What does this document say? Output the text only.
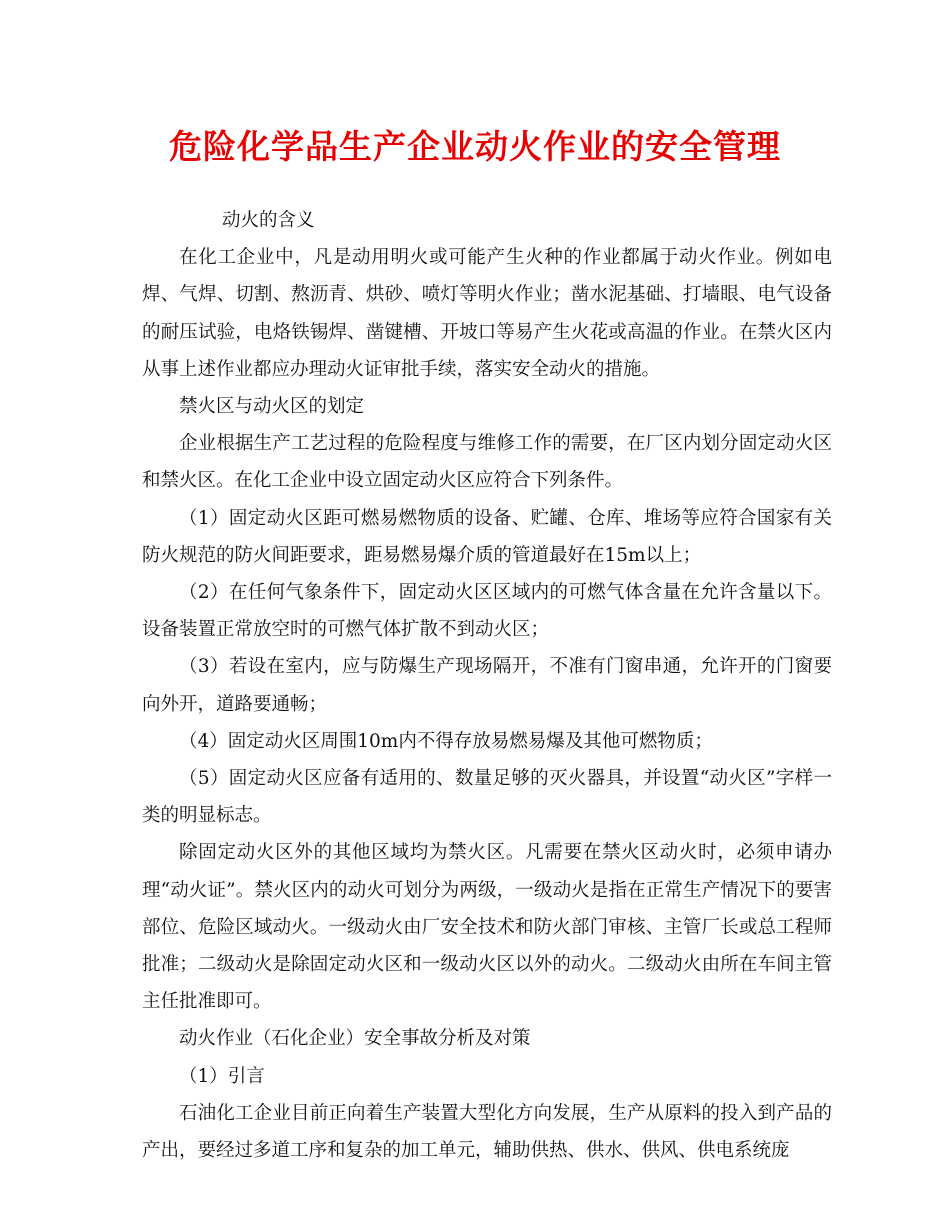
危险化学品生产企业动火作业的安全管理

动火的含义

在化工企业中，凡是动用明火或可能产生火种的作业都属于动火作业。例如电焊、气焊、切割、熬沥青、烘砂、喷灯等明火作业；凿水泥基础、打墙眼、电气设备的耐压试验，电烙铁锡焊、凿键槽、开坡口等易产生火花或高温的作业。在禁火区内从事上述作业都应办理动火证审批手续，落实安全动火的措施。

禁火区与动火区的划定

企业根据生产工艺过程的危险程度与维修工作的需要，在厂区内划分固定动火区和禁火区。在化工企业中设立固定动火区应符合下列条件。

（1）固定动火区距可燃易燃物质的设备、贮罐、仓库、堆场等应符合国家有关防火规范的防火间距要求，距易燃易爆介质的管道最好在15m以上；

（2）在任何气象条件下，固定动火区区域内的可燃气体含量在允许含量以下。设备装置正常放空时的可燃气体扩散不到动火区；

（3）若设在室内，应与防爆生产现场隔开，不准有门窗串通，允许开的门窗要向外开，道路要通畅；

（4）固定动火区周围10m内不得存放易燃易爆及其他可燃物质；

（5）固定动火区应备有适用的、数量足够的灭火器具，并设置“动火区”字样一类的明显标志。

除固定动火区外的其他区域均为禁火区。凡需要在禁火区动火时，必须申请办理“动火证”。禁火区内的动火可划分为两级，一级动火是指在正常生产情况下的要害部位、危险区域动火。一级动火由厂安全技术和防火部门审核、主管厂长或总工程师批准；二级动火是除固定动火区和一级动火区以外的动火。二级动火由所在车间主管主任批准即可。

动火作业（石化企业）安全事故分析及对策

（1）引言

石油化工企业目前正向着生产装置大型化方向发展，生产从原料的投入到产品的产出，要经过多道工序和复杂的加工单元，辅助供热、供水、供风、供电系统庞
